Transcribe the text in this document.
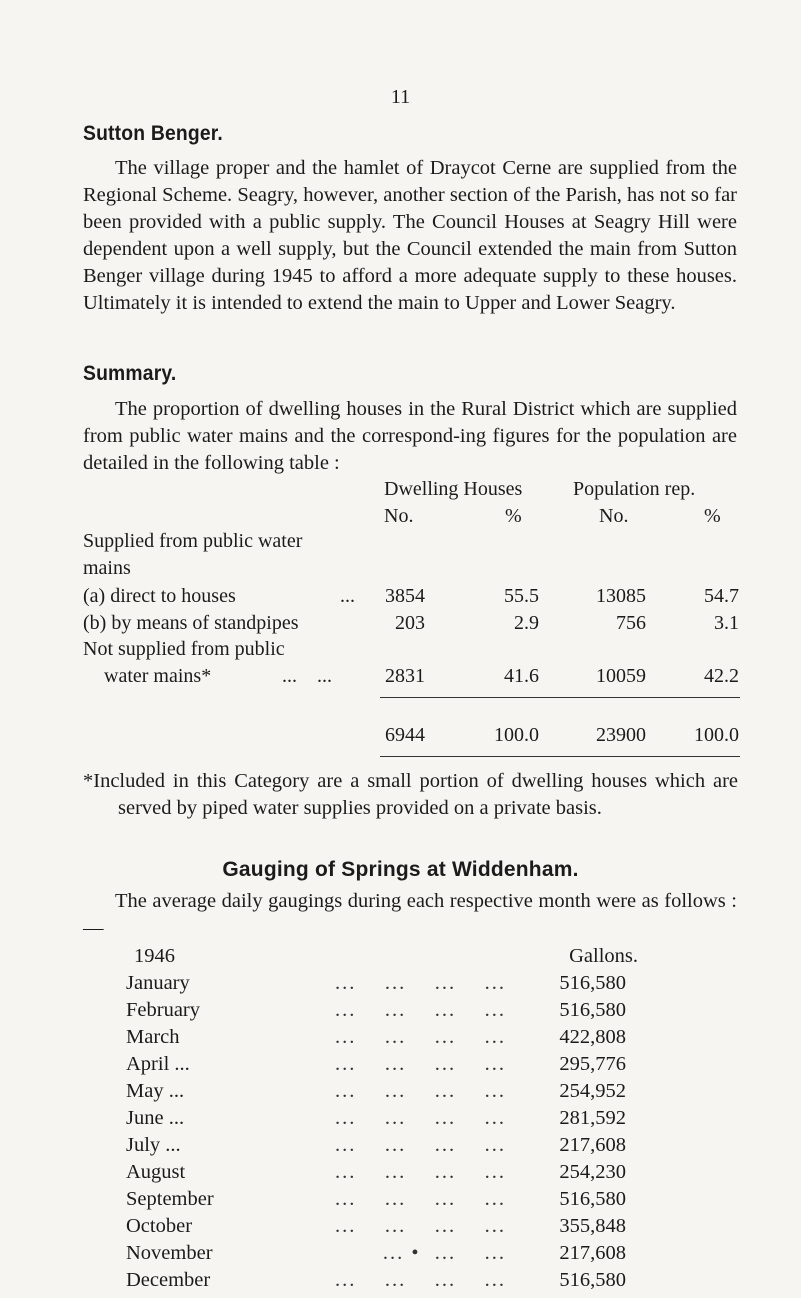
11
Sutton Benger.

The village proper and the hamlet of Draycot Cerne are supplied from the Regional Scheme. Seagry, however, another section of the Parish, has not so far been provided with a public supply. The Council Houses at Seagry Hill were dependent upon a well supply, but the Council extended the main from Sutton Benger village during 1945 to afford a more adequate supply to these houses. Ultimately it is intended to extend the main to Upper and Lower Seagry.

Summary.

The proportion of dwelling houses in the Rural District which are supplied from public water mains and the correspond-ing figures for the population are detailed in the following table :

Dwelling Houses	Population rep.
No.	%	No.	%
Supplied from public water
mains
(a) direct to houses	... 3854	55.5	13085	54.7
(b) by means of standpipes	203	2.9	756	3.1
Not supplied from public
water mains*	...    ...	2831	41.6	10059	42.2
6944	100.0	23900 100.0

*Included in this Category are a small portion of dwelling houses which are served by piped water supplies provided on a private basis.

Gauging of Springs at Widdenham.

The average daily gaugings during each respective month were as follows :—

1946	Gallons.
January	...    ...    ...    ...	516,580
February	...    ...    ...    ...	516,580
March	...    ...    ...    ...	422,808
April ...	...    ...    ...    ...	295,776
May ...	...    ...    ...    ...	254,952
June ...	...    ...    ...    ...	281,592
July ...	...    ...    ...    ...	217,608
August	...    ...    ...    ...	254,230
September	...    ...    ...    ...	516,580
October	...    ...    ...    ...	355,848
November	... •  ...    ...	217,608
December	...    ...    ...    ...	516,580
